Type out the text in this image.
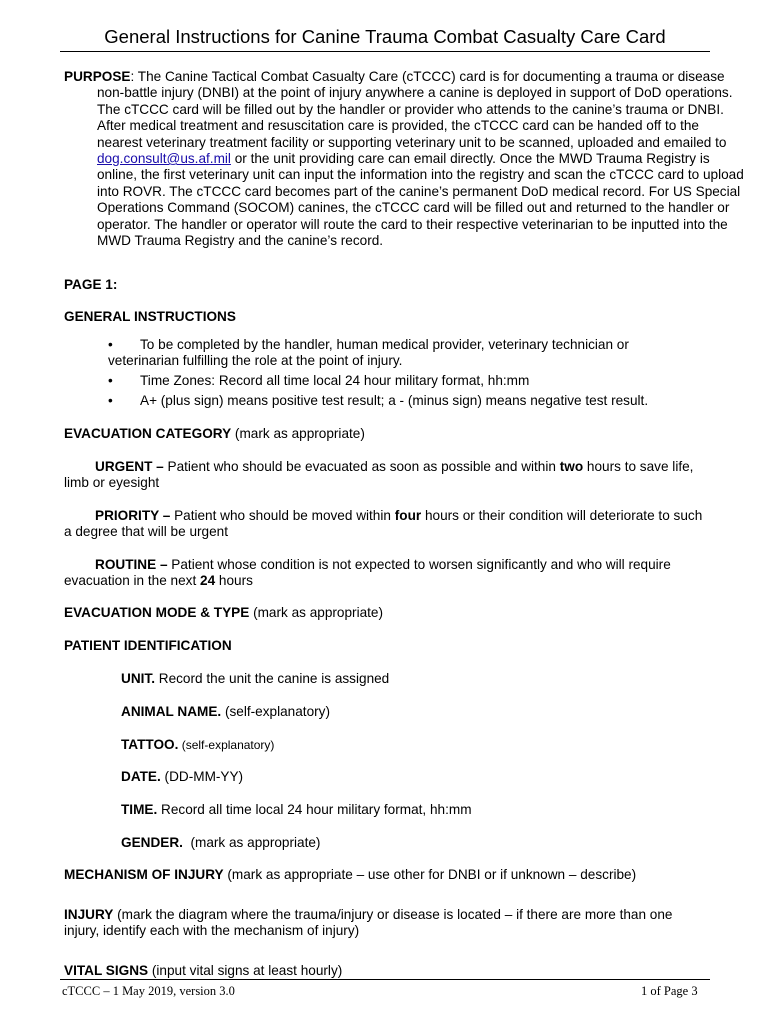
General Instructions for Canine Trauma Combat Casualty Care Card

PURPOSE: The Canine Tactical Combat Casualty Care (cTCCC) card is for documenting a trauma or disease non-battle injury (DNBI) at the point of injury anywhere a canine is deployed in support of DoD operations. The cTCCC card will be filled out by the handler or provider who attends to the canine’s trauma or DNBI. After medical treatment and resuscitation care is provided, the cTCCC card can be handed off to the nearest veterinary treatment facility or supporting veterinary unit to be scanned, uploaded and emailed to dog.consult@us.af.mil or the unit providing care can email directly. Once the MWD Trauma Registry is online, the first veterinary unit can input the information into the registry and scan the cTCCC card to upload into ROVR. The cTCCC card becomes part of the canine’s permanent DoD medical record. For US Special Operations Command (SOCOM) canines, the cTCCC card will be filled out and returned to the handler or operator. The handler or operator will route the card to their respective veterinarian to be inputted into the MWD Trauma Registry and the canine’s record.

PAGE 1:
GENERAL INSTRUCTIONS
• To be completed by the handler, human medical provider, veterinary technician or
veterinarian fulfilling the role at the point of injury.
• Time Zones: Record all time local 24 hour military format, hh:mm
• A+ (plus sign) means positive test result; a - (minus sign) means negative test result.
EVACUATION CATEGORY (mark as appropriate)
URGENT – Patient who should be evacuated as soon as possible and within two hours to save life,
limb or eyesight
PRIORITY – Patient who should be moved within four hours or their condition will deteriorate to such
a degree that will be urgent
ROUTINE – Patient whose condition is not expected to worsen significantly and who will require
evacuation in the next 24 hours
EVACUATION MODE & TYPE (mark as appropriate)
PATIENT IDENTIFICATION
UNIT. Record the unit the canine is assigned
ANIMAL NAME. (self-explanatory)
TATTOO. (self-explanatory)
DATE. (DD-MM-YY)
TIME. Record all time local 24 hour military format, hh:mm
GENDER.  (mark as appropriate)
MECHANISM OF INJURY (mark as appropriate – use other for DNBI or if unknown – describe)
INJURY (mark the diagram where the trauma/injury or disease is located – if there are more than one
injury, identify each with the mechanism of injury)
VITAL SIGNS (input vital signs at least hourly)
cTCCC – 1 May 2019, version 3.0	1 of Page 3
